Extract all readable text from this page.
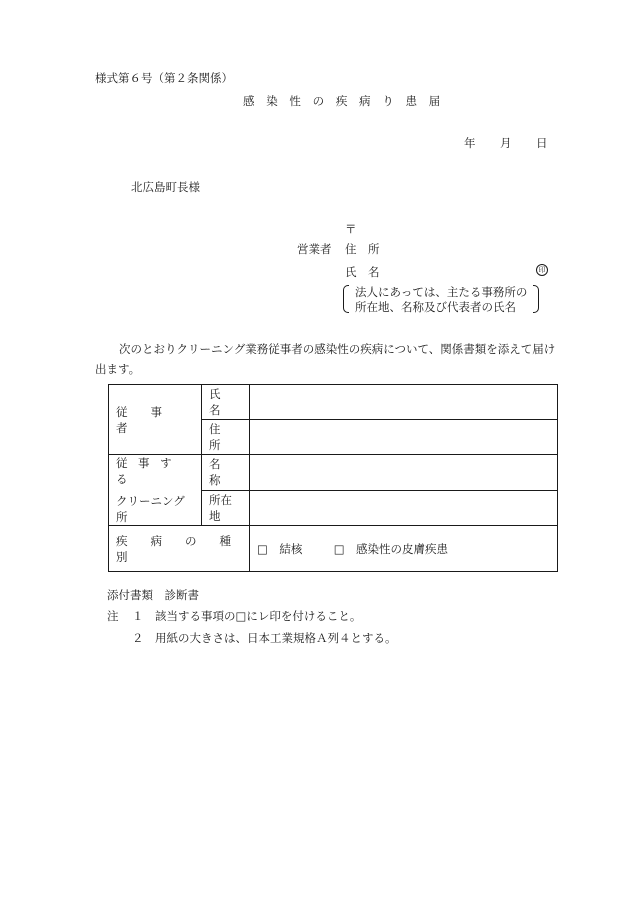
様式第６号（第２条関係）
感 染 性 の 疾 病 り 患 届
年 月 日
北広島町長様
〒
営業者 住　所
氏　名	印
法人にあっては、主たる事務所の
所在地、名称及び代表者の氏名
次のとおりクリーニング業務従事者の感染性の疾病について、関係書類を添えて届け
出ます。
従　　事　　者	氏　名	
	住　所	

従 事 す る
クリーニング所	名　称	
	所在地	
疾　　病　　の　　種　　別		□　結核 □　感染性の皮膚疾患
添付書類　診断書
注 １ 該当する事項の□にレ印を付けること。
２ 用紙の大きさは、日本工業規格Ａ列４とする。
